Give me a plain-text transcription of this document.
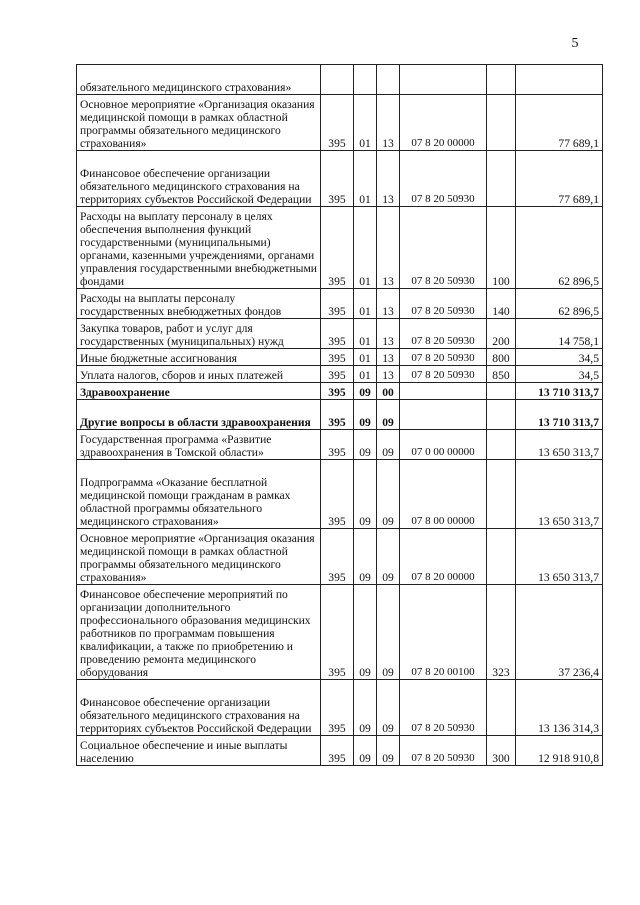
5
обязательного медицинского страхования»						
Основное мероприятие «Организация оказания медицинской помощи в рамках областной программы обязательного медицинского страхования»	395	01	13	07 8 20 00000		77 689,1
Финансовое обеспечение организации обязательного медицинского страхования на территориях субъектов Российской Федерации	395	01	13	07 8 20 50930		77 689,1
Расходы на выплату персоналу в целях обеспечения выполнения функций государственными (муниципальными) органами, казенными учреждениями, органами управления государственными внебюджетными фондами	395	01	13	07 8 20 50930	100	62 896,5
Расходы на выплаты персоналу государственных внебюджетных фондов	395	01	13	07 8 20 50930	140	62 896,5
Закупка товаров, работ и услуг для государственных (муниципальных) нужд	395	01	13	07 8 20 50930	200	14 758,1
Иные бюджетные ассигнования	395	01	13	07 8 20 50930	800	34,5
Уплата налогов, сборов и иных платежей	395	01	13	07 8 20 50930	850	34,5
Здравоохранение	395	09	00			13 710 313,7
Другие вопросы в области здравоохранения	395	09	09			13 710 313,7
Государственная программа «Развитие здравоохранения в Томской области»	395	09	09	07 0 00 00000		13 650 313,7
Подпрограмма «Оказание бесплатной медицинской помощи гражданам в рамках областной программы обязательного медицинского страхования»	395	09	09	07 8 00 00000		13 650 313,7
Основное мероприятие «Организация оказания медицинской помощи в рамках областной программы обязательного медицинского страхования»	395	09	09	07 8 20 00000		13 650 313,7
Финансовое обеспечение мероприятий по организации дополнительного профессионального образования медицинских работников по программам повышения квалификации, а также по приобретению и проведению ремонта медицинского оборудования	395	09	09	07 8 20 00100	323	37 236,4
Финансовое обеспечение организации обязательного медицинского страхования на территориях субъектов Российской Федерации	395	09	09	07 8 20 50930		13 136 314,3
Социальное обеспечение и иные выплаты населению	395	09	09	07 8 20 50930	300	12 918 910,8
